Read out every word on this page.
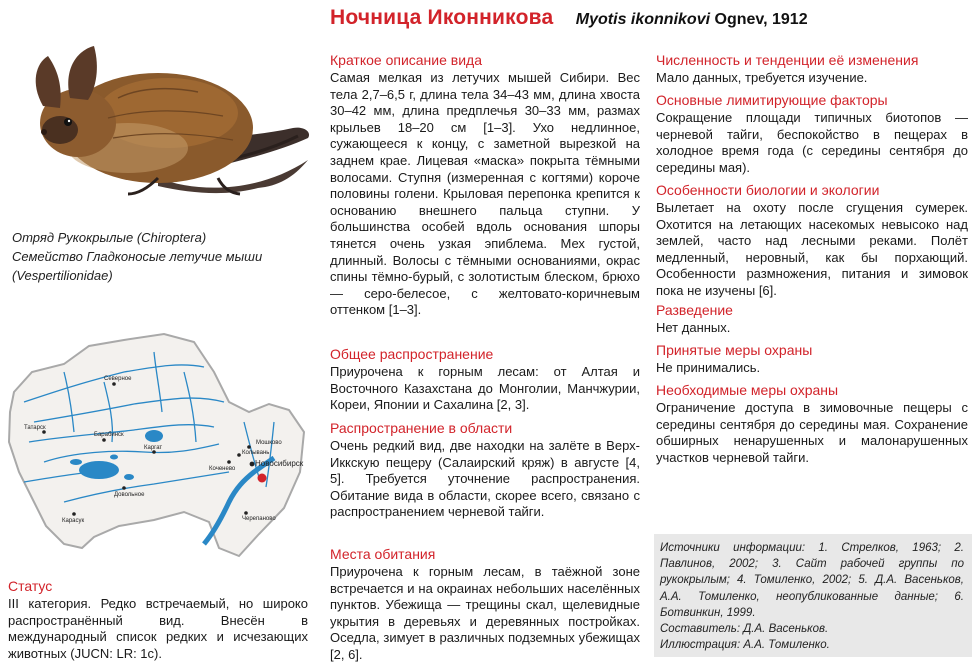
Ночница Иконникова Myotis ikonnikovi Ognev, 1912
Отряд Рукокрылые (Chiroptera)
Семейство Гладконосые летучие мыши
(Vespertilionidae)
Северное
Татарск
Барабинск
Каргат
Мошково
Колывань
Коченево
Новосибирск
Довольное
Карасук	Черепаново
Статус
III категория. Редко встречаемый, но широко распространённый вид. Внесён в международный список редких и исчезающих животных (JUCN: LR: 1c).
Краткое описание вида
Самая мелкая из летучих мышей Сибири. Вес тела 2,7–6,5 г, длина тела 34–43 мм, длина хвоста 30–42 мм, длина предплечья 30–33 мм, размах крыльев 18–20 см [1–3]. Ухо недлинное, сужающееся к концу, с заметной вырезкой на заднем крае. Лицевая «маска» покрыта тёмными волосами. Ступня (измеренная с когтями) короче половины голени. Крыловая перепонка крепится к основанию внешнего пальца ступни. У большинства особей вдоль основания шпоры тянется очень узкая эпиблема. Мех густой, длинный. Волосы с тёмными основаниями, окрас спины тёмно-бурый, с золотистым блеском, брюхо — серо-белесое, с желтовато-коричневым оттенком [1–3].
Общее распространение
Приурочена к горным лесам: от Алтая и Восточного Казахстана до Монголии, Манчжурии, Кореи, Японии и Сахалина [2, 3].
Распространение в области
Очень редкий вид, две находки на залёте в Верх-Иккскую пещеру (Салаирский кряж) в августе [4, 5]. Требуется уточнение распространения. Обитание вида в области, скорее всего, связано с распространением черневой тайги.
Места обитания
Приурочена к горным лесам, в таёжной зоне встречается и на окраинах небольших населённых пунктов. Убежища — трещины скал, щелевидные укрытия в деревьях и деревянных постройках. Оседла, зимует в различных подземных убежищах [2, 6].
Численность и тенденции её изменения
Мало данных, требуется изучение.
Основные лимитирующие факторы
Сокращение площади типичных биотопов — черневой тайги, беспокойство в пещерах в холодное время года (с середины сентября до середины мая).
Особенности биологии и экологии
Вылетает на охоту после сгущения сумерек. Охотится на летающих насекомых невысоко над землей, часто над лесными реками. Полёт медленный, неровный, как бы порхающий. Особенности размножения, питания и зимовок пока не изучены [6].
Разведение
Нет данных.
Принятые меры охраны
Не принимались.
Необходимые меры охраны
Ограничение доступа в зимовочные пещеры с середины сентября до середины мая. Сохранение обширных ненарушенных и малонарушенных участков черневой тайги.
Источники информации: 1. Стрелков, 1963; 2. Павлинов, 2002; 3. Сайт рабочей группы по рукокрылым; 4. Томиленко, 2002; 5. Д.А. Васеньков, А.А. Томиленко, неопубликованные данные; 6. Ботвинкин, 1999.
Составитель: Д.А. Васеньков.
Иллюстрация: А.А. Томиленко.
